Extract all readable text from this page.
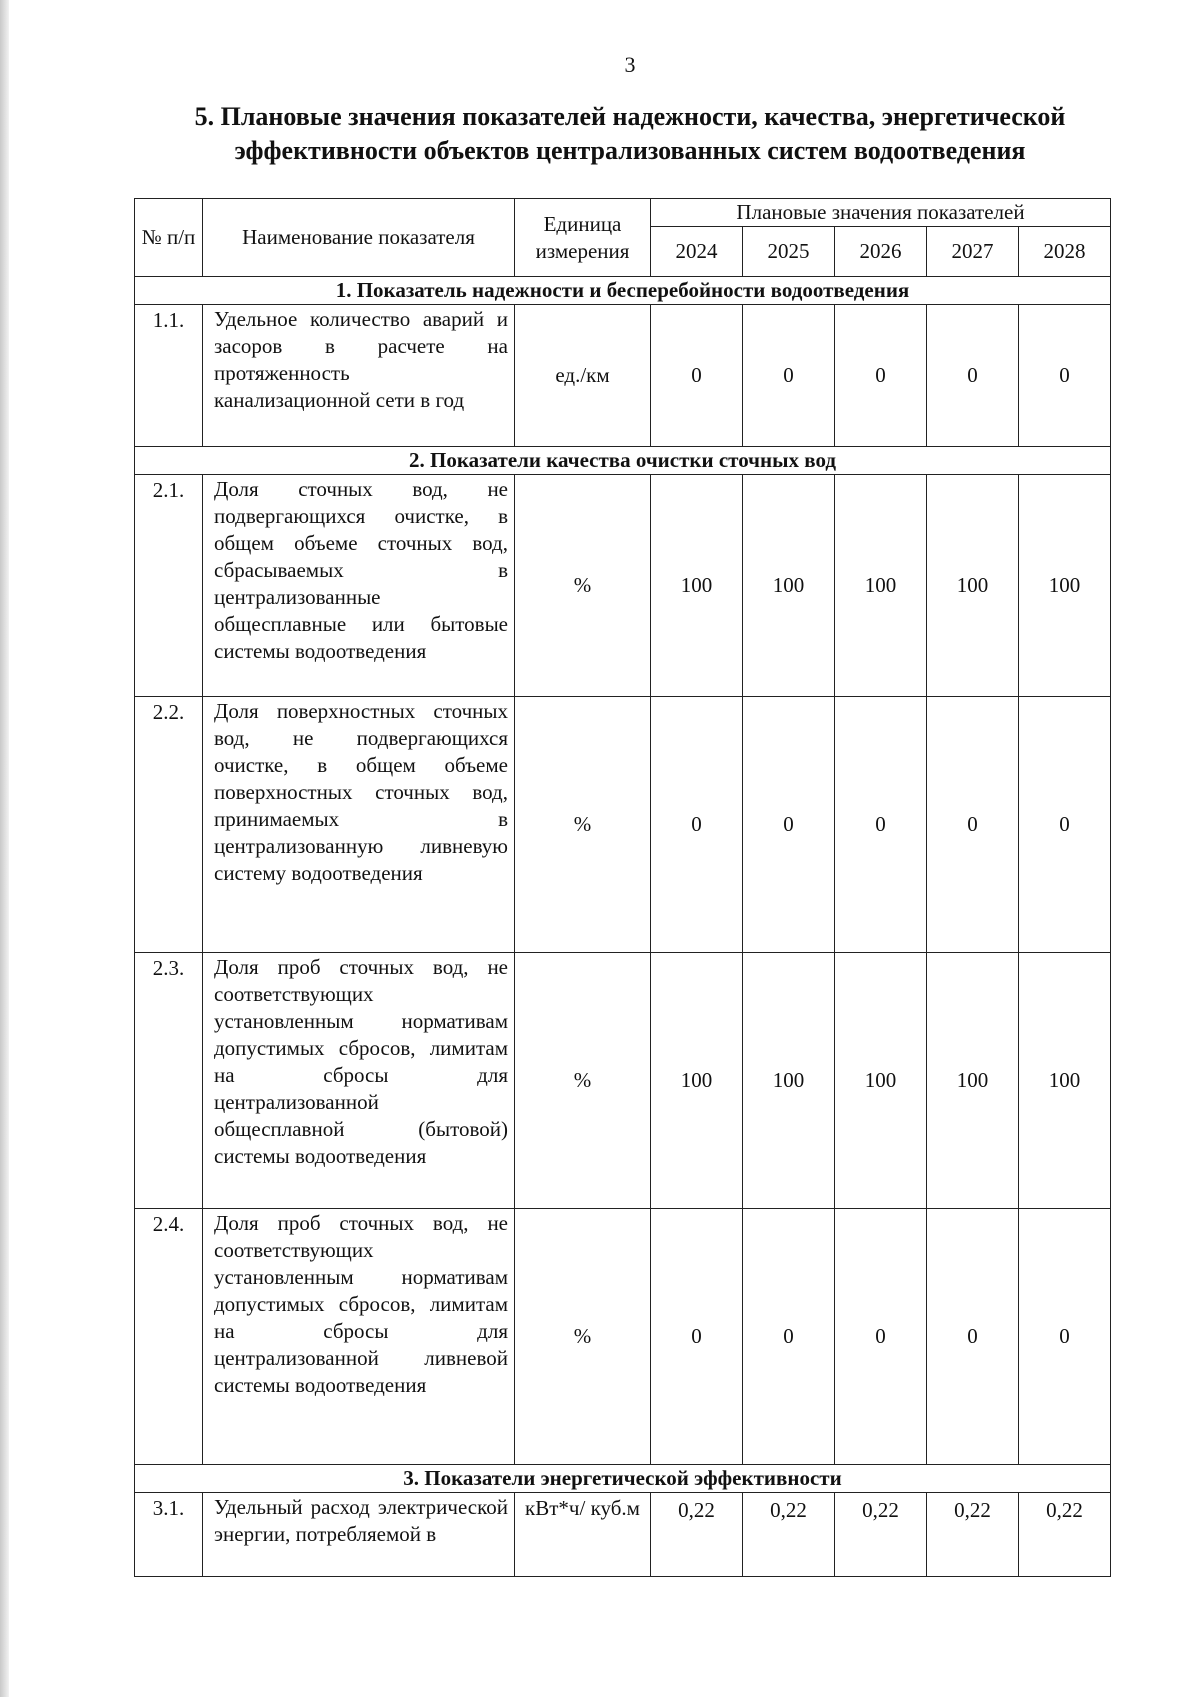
3
5. Плановые значения показателей надежности, качества, энергетической эффективности объектов централизованных систем водоотведения
№ п/п	Наименование показателя	Единица измерения	Плановые значения показателей				
			2024	2025	2026	2027	2028
1. Показатель надежности и бесперебойности водоотведения							
1.1.	Удельное количество аварий и засоров в расчете на протяженность канализационной сети в год	ед./км	0	0	0	0	0
2. Показатели качества очистки сточных вод							
2.1.	Доля сточных вод, не подвергающихся очистке, в общем объеме сточных вод, сбрасываемых в централизованные общесплавные или бытовые системы водоотведения	%	100	100	100	100	100
2.2.	Доля поверхностных сточных вод, не подвергающихся очистке, в общем объеме поверхностных сточных вод, принимаемых в централизованную ливневую систему водоотведения	%	0	0	0	0	0
2.3.	Доля проб сточных вод, не соответствующих установленным нормативам допустимых сбросов, лимитам на сбросы для централизованной общесплавной (бытовой) системы водоотведения	%	100	100	100	100	100
2.4.	Доля проб сточных вод, не соответствующих установленным нормативам допустимых сбросов, лимитам на сбросы для централизованной ливневой системы водоотведения	%	0	0	0	0	0
3. Показатели энергетической эффективности							
3.1.	Удельный расход электрической энергии, потребляемой в	кВт*ч/ куб.м	0,22	0,22	0,22	0,22	0,22
